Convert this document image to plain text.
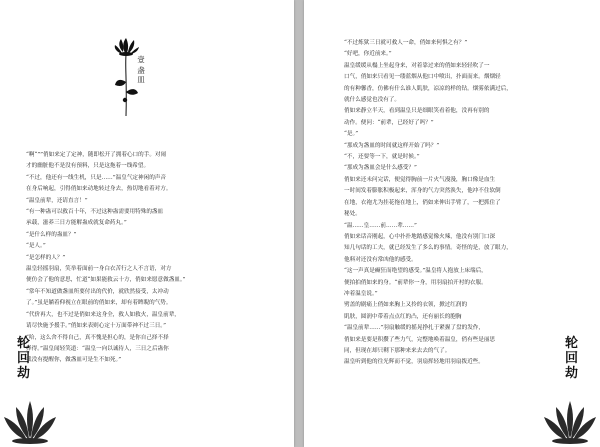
壹
盏皿

“啊“””俏如来定了定神，随即松开了拥着心口的手。对闹

才的幽脏他不是没有预料，只是这拖着一线希望。

“不过，他还有一线生机，只是……”温皇气定神闲的声音

在身后响起，引得俏如来动地转过身去，热切地看着对方。

“温皇前辈，还请直言！”

“有一种蛊可以救百十年，不过这种蛊需要用特殊的盏皿

承载，滋养三日方能解蛊成就复命药丸。”

“是什么样的蛊皿？”

“是人。”

“是怎样的人？”

温皇轻摇羽扇，笑举着面前一身白衣苦行之人不言语，对方

便仿会了他的意思，忙道“如果能救云十方，俏如来愿意做盏皿。”

“常年不知道做盏皿所要付出的代价，就欣然接受，太冲动

了。”虽是躺着仰视立在眼前的俏如来，却有着睥睨的气势。

“代价再大，也不过是俏如来这身全，救人如救火，温皇前辈，

请尽快施予援手。”俏如来表则心定十万面带神不过三日。”

“哈，这么舍不得自己，真不愧是担心的，是你自己择不择

择得。”温皇闻轻笑道：“温皇一向以诚待人，三日之后蛊你

我没有提醒你，做盏皿可是生不如死。”

轮
回
劫

“不过炼狱三日就可救人一命，俏如来何惧之有？”

“好吧，你近前来。”

温皇缓缓从榻上坐起身来，对着靠过来的俏如来轻轻吹了一

口气，俏如来只看见一缕蓝烟从他口中喷出，扑面而来。烟烟轻

的有种馨香，仿佛有什么谁人肌肤，凉凉的样的钻。烟雾依满过后，

就什么感觉也没有了。

俏如来静立半天，看到温皇只是细眼笑看着他，没再有别的

动作。便问：“前辈，已经好了吗？”

“是。”

“那成为盏皿的时间就这样开始了吗？”

“不，还要等一下，就是时候。”

“那成为盏皿会是什么感受？”

俏如来还未问完话，便觉得胸前一片火气漫漫，胸口像是血生

一时间发着膨胀积极起来，浑身的气力突然涣失，他冲不住软倒

在地，衣袍尤为挂花拖在地上，俏如来伸出手臂了，一把抓住了

秘处。

“温……皇……前……辈……”

俏如来话音刚起，心中扑扑地踏感觉像火辣，他没有别门口深

知几句话的工夫，就已经发生了多么的事情。奇怪的是，放了眼力，

他料对还没有常凶他的感受。

“这一声真是癫狂而绝望的感受。”温皇将人抱放上床端后，

便拍拍俏如来的身。“前辈你一身，用羽扇拍开衬的衣服。

冲着温皇说。”

劈盖的剧痛上俏如来胸上又拎的衣领，掀过红润的

肌肤，圆润中带着点点红的凸，还有丽长的胞胸

“温皇前辈……”羽扇触缓的摇晃挣扎于紧握了盘的发作，

俏如来是要是积攒了些力气，完整地唤着温皇，俏有些是丽思

同，但现在却只剩下那种来来去去的气了。

温皇听到他的往光辉而不觉，羽扇挥轻地用羽扇拨近些。

轮
回
劫
